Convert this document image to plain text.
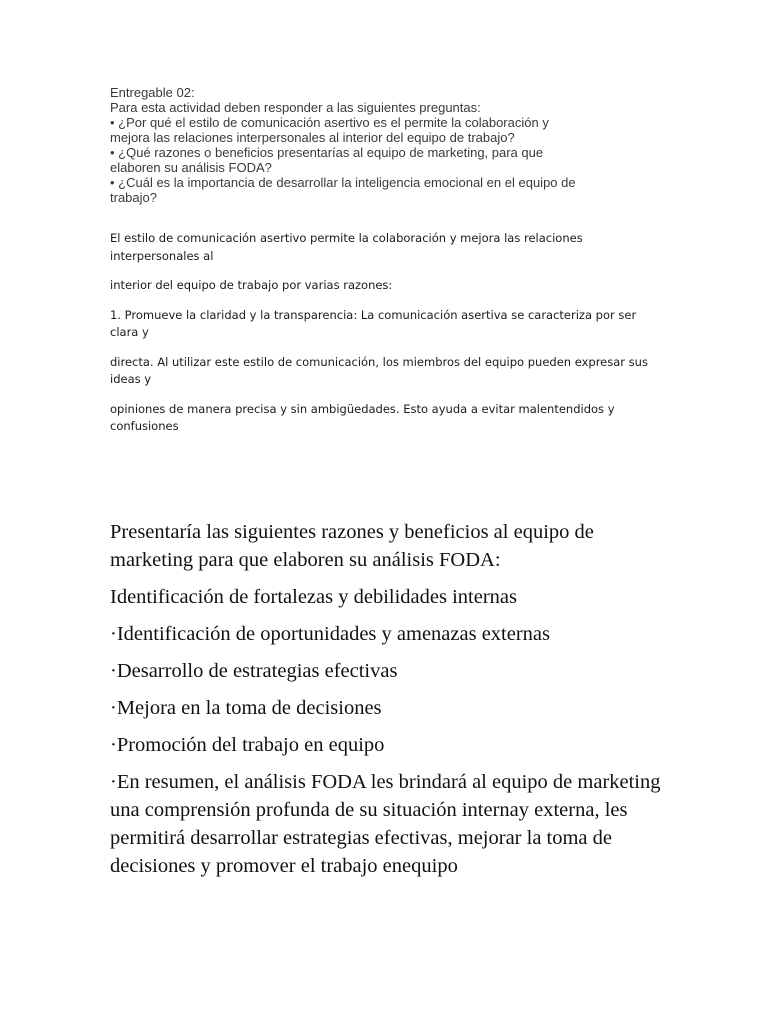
Entregable 02:
Para esta actividad deben responder a las siguientes preguntas:
• ¿Por qué el estilo de comunicación asertivo es el permite la colaboración y
mejora las relaciones interpersonales al interior del equipo de trabajo?
• ¿Qué razones o beneficios presentarías al equipo de marketing, para que
elaboren su análisis FODA?
• ¿Cuál es la importancia de desarrollar la inteligencia emocional en el equipo de
trabajo?
El estilo de comunicación asertivo permite la colaboración y mejora las relaciones interpersonales al
interior del equipo de trabajo por varias razones:
1. Promueve la claridad y la transparencia: La comunicación asertiva se caracteriza por ser clara y
directa. Al utilizar este estilo de comunicación, los miembros del equipo pueden expresar sus ideas y
opiniones de manera precisa y sin ambigüedades. Esto ayuda a evitar malentendidos y confusiones
Presentaría las siguientes razones y beneficios al equipo de marketing para que elaboren su análisis FODA:
Identificación de fortalezas y debilidades internas
·Identificación de oportunidades y amenazas externas
·Desarrollo de estrategias efectivas
·Mejora en la toma de decisiones
·Promoción del trabajo en equipo
·En resumen, el análisis FODA les brindará al equipo de marketing una comprensión profunda de su situación internay externa, les permitirá desarrollar estrategias efectivas, mejorar la toma de decisiones y promover el trabajo enequipo
